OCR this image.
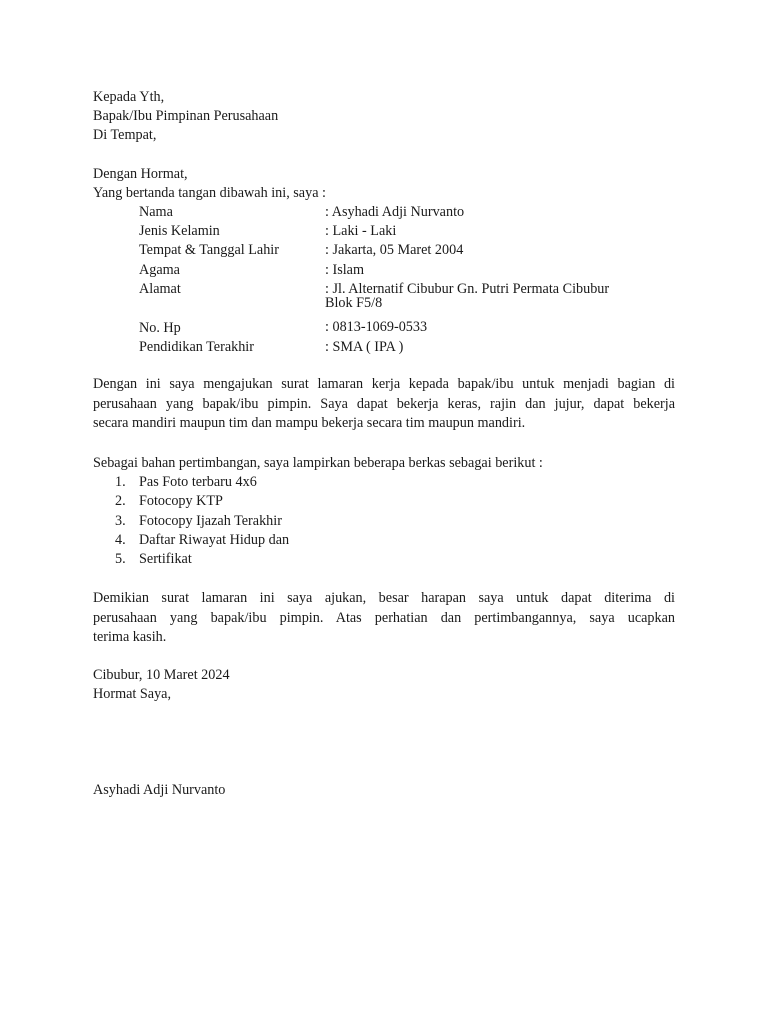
Kepada Yth,
Bapak/Ibu Pimpinan Perusahaan
Di Tempat,
Dengan Hormat,
Yang bertanda tangan dibawah ini, saya :
Nama	: Asyhadi Adji Nurvanto
Jenis Kelamin	: Laki - Laki
Tempat & Tanggal Lahir	: Jakarta, 05 Maret 2004
Agama	: Islam
Alamat	: Jl. Alternatif Cibubur Gn. Putri Permata Cibubur
Blok F5/8
No. Hp	: 0813-1069-0533
Pendidikan Terakhir	: SMA ( IPA )
Dengan ini saya mengajukan surat lamaran kerja kepada bapak/ibu untuk menjadi bagian di
perusahaan yang bapak/ibu pimpin. Saya dapat bekerja keras, rajin dan jujur, dapat bekerja
secara mandiri maupun tim dan mampu bekerja secara tim maupun mandiri.
Sebagai bahan pertimbangan, saya lampirkan beberapa berkas sebagai berikut :
1. Pas Foto terbaru 4x6
2. Fotocopy KTP
3. Fotocopy Ijazah Terakhir
4. Daftar Riwayat Hidup dan
5. Sertifikat
Demikian surat lamaran ini saya ajukan, besar harapan saya untuk dapat diterima di
perusahaan yang bapak/ibu pimpin. Atas perhatian dan pertimbangannya, saya ucapkan
terima kasih.
Cibubur, 10 Maret 2024
Hormat Saya,
Asyhadi Adji Nurvanto
